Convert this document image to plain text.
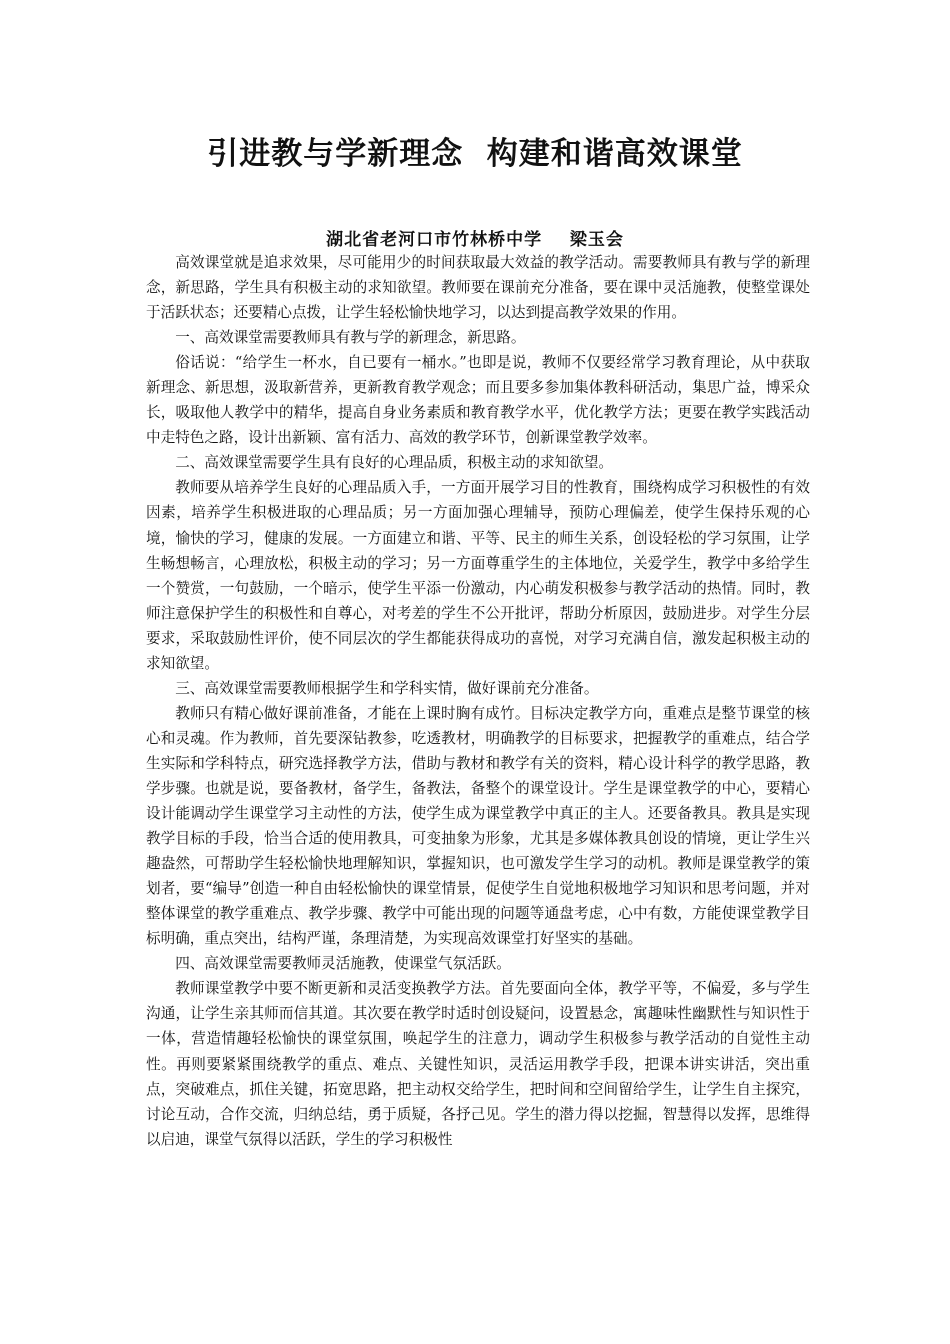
引进教与学新理念  构建和谐高效课堂
湖北省老河口市竹林桥中学    梁玉会

高效课堂就是追求效果，尽可能用少的时间获取最大效益的教学活动。需要教师具有教与学的新理念，新思路，学生具有积极主动的求知欲望。教师要在课前充分准备，要在课中灵活施教，使整堂课处于活跃状态；还要精心点拨，让学生轻松愉快地学习，以达到提高教学效果的作用。

一、高效课堂需要教师具有教与学的新理念，新思路。

俗话说：“给学生一杯水，自已要有一桶水。”也即是说，教师不仅要经常学习教育理论，从中获取新理念、新思想，汲取新营养，更新教育教学观念；而且要多参加集体教科研活动，集思广益，博采众长，吸取他人教学中的精华，提高自身业务素质和教育教学水平，优化教学方法；更要在教学实践活动中走特色之路，设计出新颖、富有活力、高效的教学环节，创新课堂教学效率。

二、高效课堂需要学生具有良好的心理品质，积极主动的求知欲望。

教师要从培养学生良好的心理品质入手，一方面开展学习目的性教育，围绕构成学习积极性的有效因素，培养学生积极进取的心理品质；另一方面加强心理辅导，预防心理偏差，使学生保持乐观的心境，愉快的学习，健康的发展。一方面建立和谐、平等、民主的师生关系，创设轻松的学习氛围，让学生畅想畅言，心理放松，积极主动的学习；另一方面尊重学生的主体地位，关爱学生，教学中多给学生一个赞赏，一句鼓励，一个暗示，使学生平添一份激动，内心萌发积极参与教学活动的热情。同时，教师注意保护学生的积极性和自尊心，对考差的学生不公开批评，帮助分析原因，鼓励进步。对学生分层要求，采取鼓励性评价，使不同层次的学生都能获得成功的喜悦，对学习充满自信，激发起积极主动的求知欲望。

三、高效课堂需要教师根据学生和学科实情，做好课前充分准备。

教师只有精心做好课前准备，才能在上课时胸有成竹。目标决定教学方向，重难点是整节课堂的核心和灵魂。作为教师，首先要深钻教参，吃透教材，明确教学的目标要求，把握教学的重难点，结合学生实际和学科特点，研究选择教学方法，借助与教材和教学有关的资料，精心设计科学的教学思路，教学步骤。也就是说，要备教材，备学生，备教法，备整个的课堂设计。学生是课堂教学的中心，要精心设计能调动学生课堂学习主动性的方法，使学生成为课堂教学中真正的主人。还要备教具。教具是实现教学目标的手段，恰当合适的使用教具，可变抽象为形象，尤其是多媒体教具创设的情境，更让学生兴趣盎然，可帮助学生轻松愉快地理解知识，掌握知识，也可激发学生学习的动机。教师是课堂教学的策划者，要“编导”创造一种自由轻松愉快的课堂情景，促使学生自觉地积极地学习知识和思考问题，并对整体课堂的教学重难点、教学步骤、教学中可能出现的问题等通盘考虑，心中有数，方能使课堂教学目标明确，重点突出，结构严谨，条理清楚，为实现高效课堂打好坚实的基础。

四、高效课堂需要教师灵活施教，使课堂气氛活跃。

教师课堂教学中要不断更新和灵活变换教学方法。首先要面向全体，教学平等，不偏爱，多与学生沟通，让学生亲其师而信其道。其次要在教学时适时创设疑问，设置悬念，寓趣味性幽默性与知识性于一体，营造情趣轻松愉快的课堂氛围，唤起学生的注意力，调动学生积极参与教学活动的自觉性主动性。再则要紧紧围绕教学的重点、难点、关键性知识，灵活运用教学手段，把课本讲实讲活，突出重点，突破难点，抓住关键，拓宽思路，把主动权交给学生，把时间和空间留给学生，让学生自主探究，讨论互动，合作交流，归纳总结，勇于质疑，各抒己见。学生的潜力得以挖掘，智慧得以发挥，思维得以启迪，课堂气氛得以活跃，学生的学习积极性
